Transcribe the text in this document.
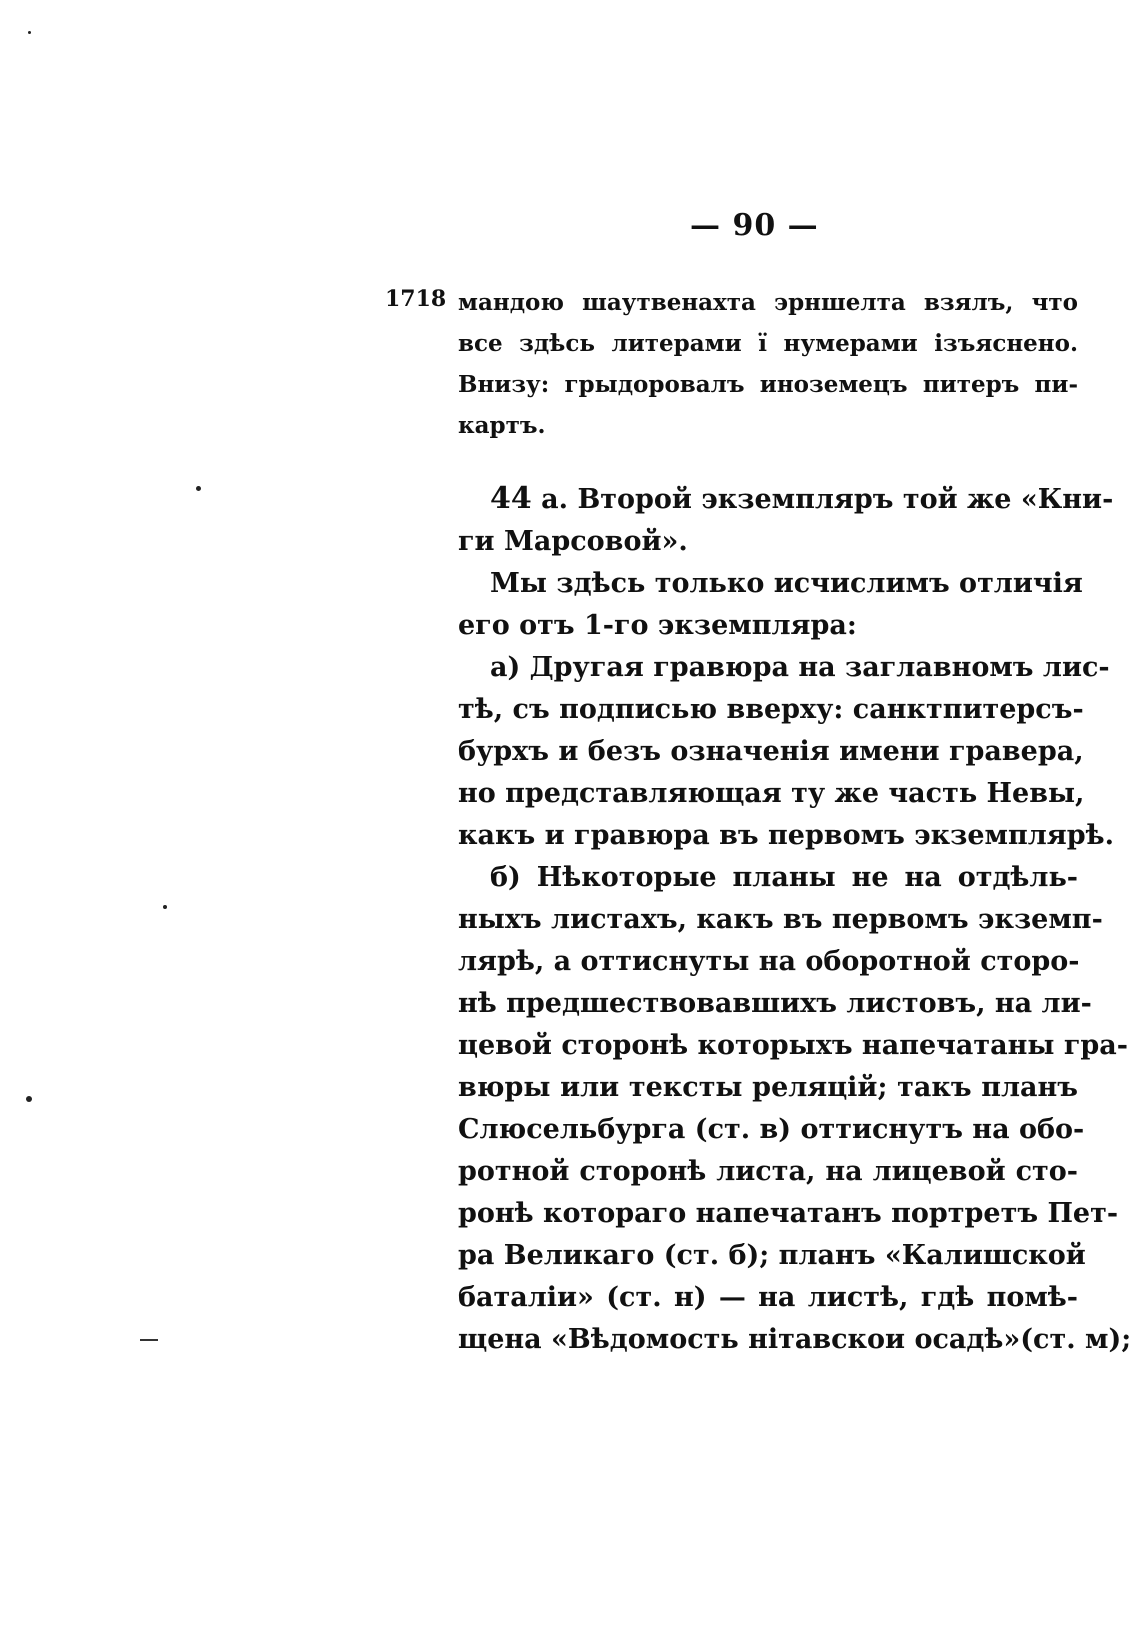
— 90 —
1718 мандою шаутвенахта эрншелта взялъ, что
все здѣсь литерами ї нумерами ізъяснено.
Внизу: грыдоровалъ иноземецъ питеръ пи-
картъ.
44 а. Второй экземпляръ той же «Кни-
ги Марсовой».
Мы здѣсь только исчислимъ отличія
его отъ 1-го экземпляра:
а) Другая гравюра на заглавномъ лис-
тѣ, съ подписью вверху: санктпитерсъ-
бурхъ и безъ означенія имени гравера,
но представляющая ту же часть Невы,
какъ и гравюра въ первомъ экземплярѣ.
б) Нѣкоторые планы не на отдѣль-
ныхъ листахъ, какъ въ первомъ экземп-
лярѣ, а оттиснуты на оборотной сторо-
нѣ предшествовавшихъ листовъ, на ли-
цевой сторонѣ которыхъ напечатаны гра-
вюры или тексты реляцій; такъ планъ
Слюсельбурга (ст. в) оттиснутъ на обо-
ротной сторонѣ листа, на лицевой сто-
ронѣ котораго напечатанъ портретъ Пет-
ра Великаго (ст. б); планъ «Калишской
баталіи» (ст. н) — на листѣ, гдѣ помѣ-
щена «Вѣдомость нітавскои осадѣ»(ст. м);
